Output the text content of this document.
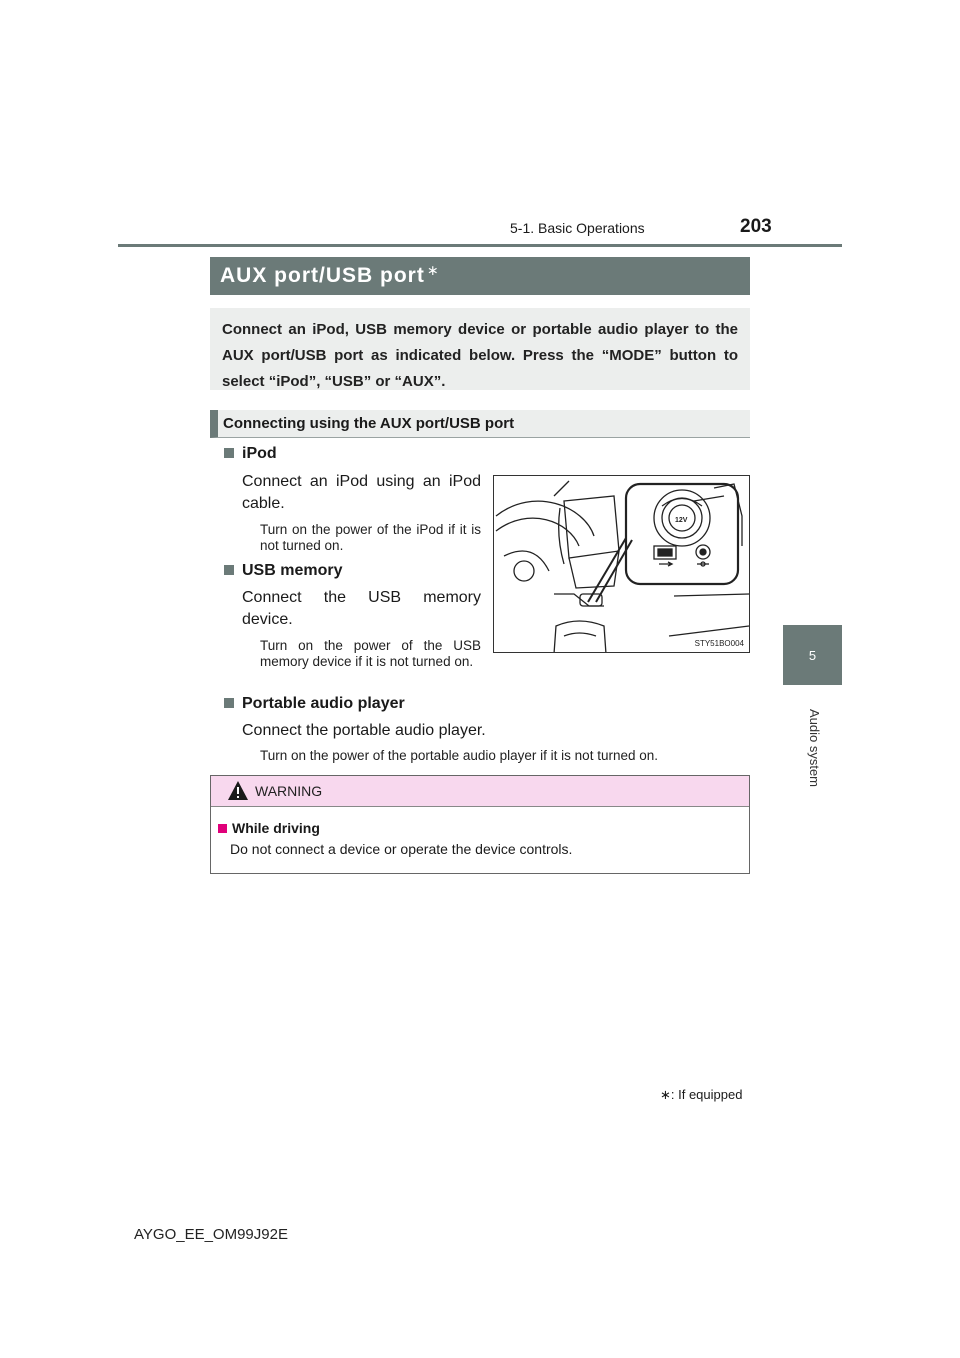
5-1. Basic Operations	203
5
Audio system
AUX port/USB port∗
Connect an iPod, USB memory device or portable audio player to the AUX port/USB port as indicated below. Press the “MODE” button to select “iPod”, “USB” or “AUX”.
Connecting using the AUX port/USB port
iPod
Connect an iPod using an iPod cable.
Turn on the power of the iPod if it is not turned on.
USB memory
Connect the USB memory device.
Turn on the power of the USB memory device if it is not turned on.
12V
STY51BO004
Portable audio player
Connect the portable audio player.
Turn on the power of the portable audio player if it is not turned on.
WARNING
While driving
Do not connect a device or operate the device controls.
∗: If equipped
AYGO_EE_OM99J92E
